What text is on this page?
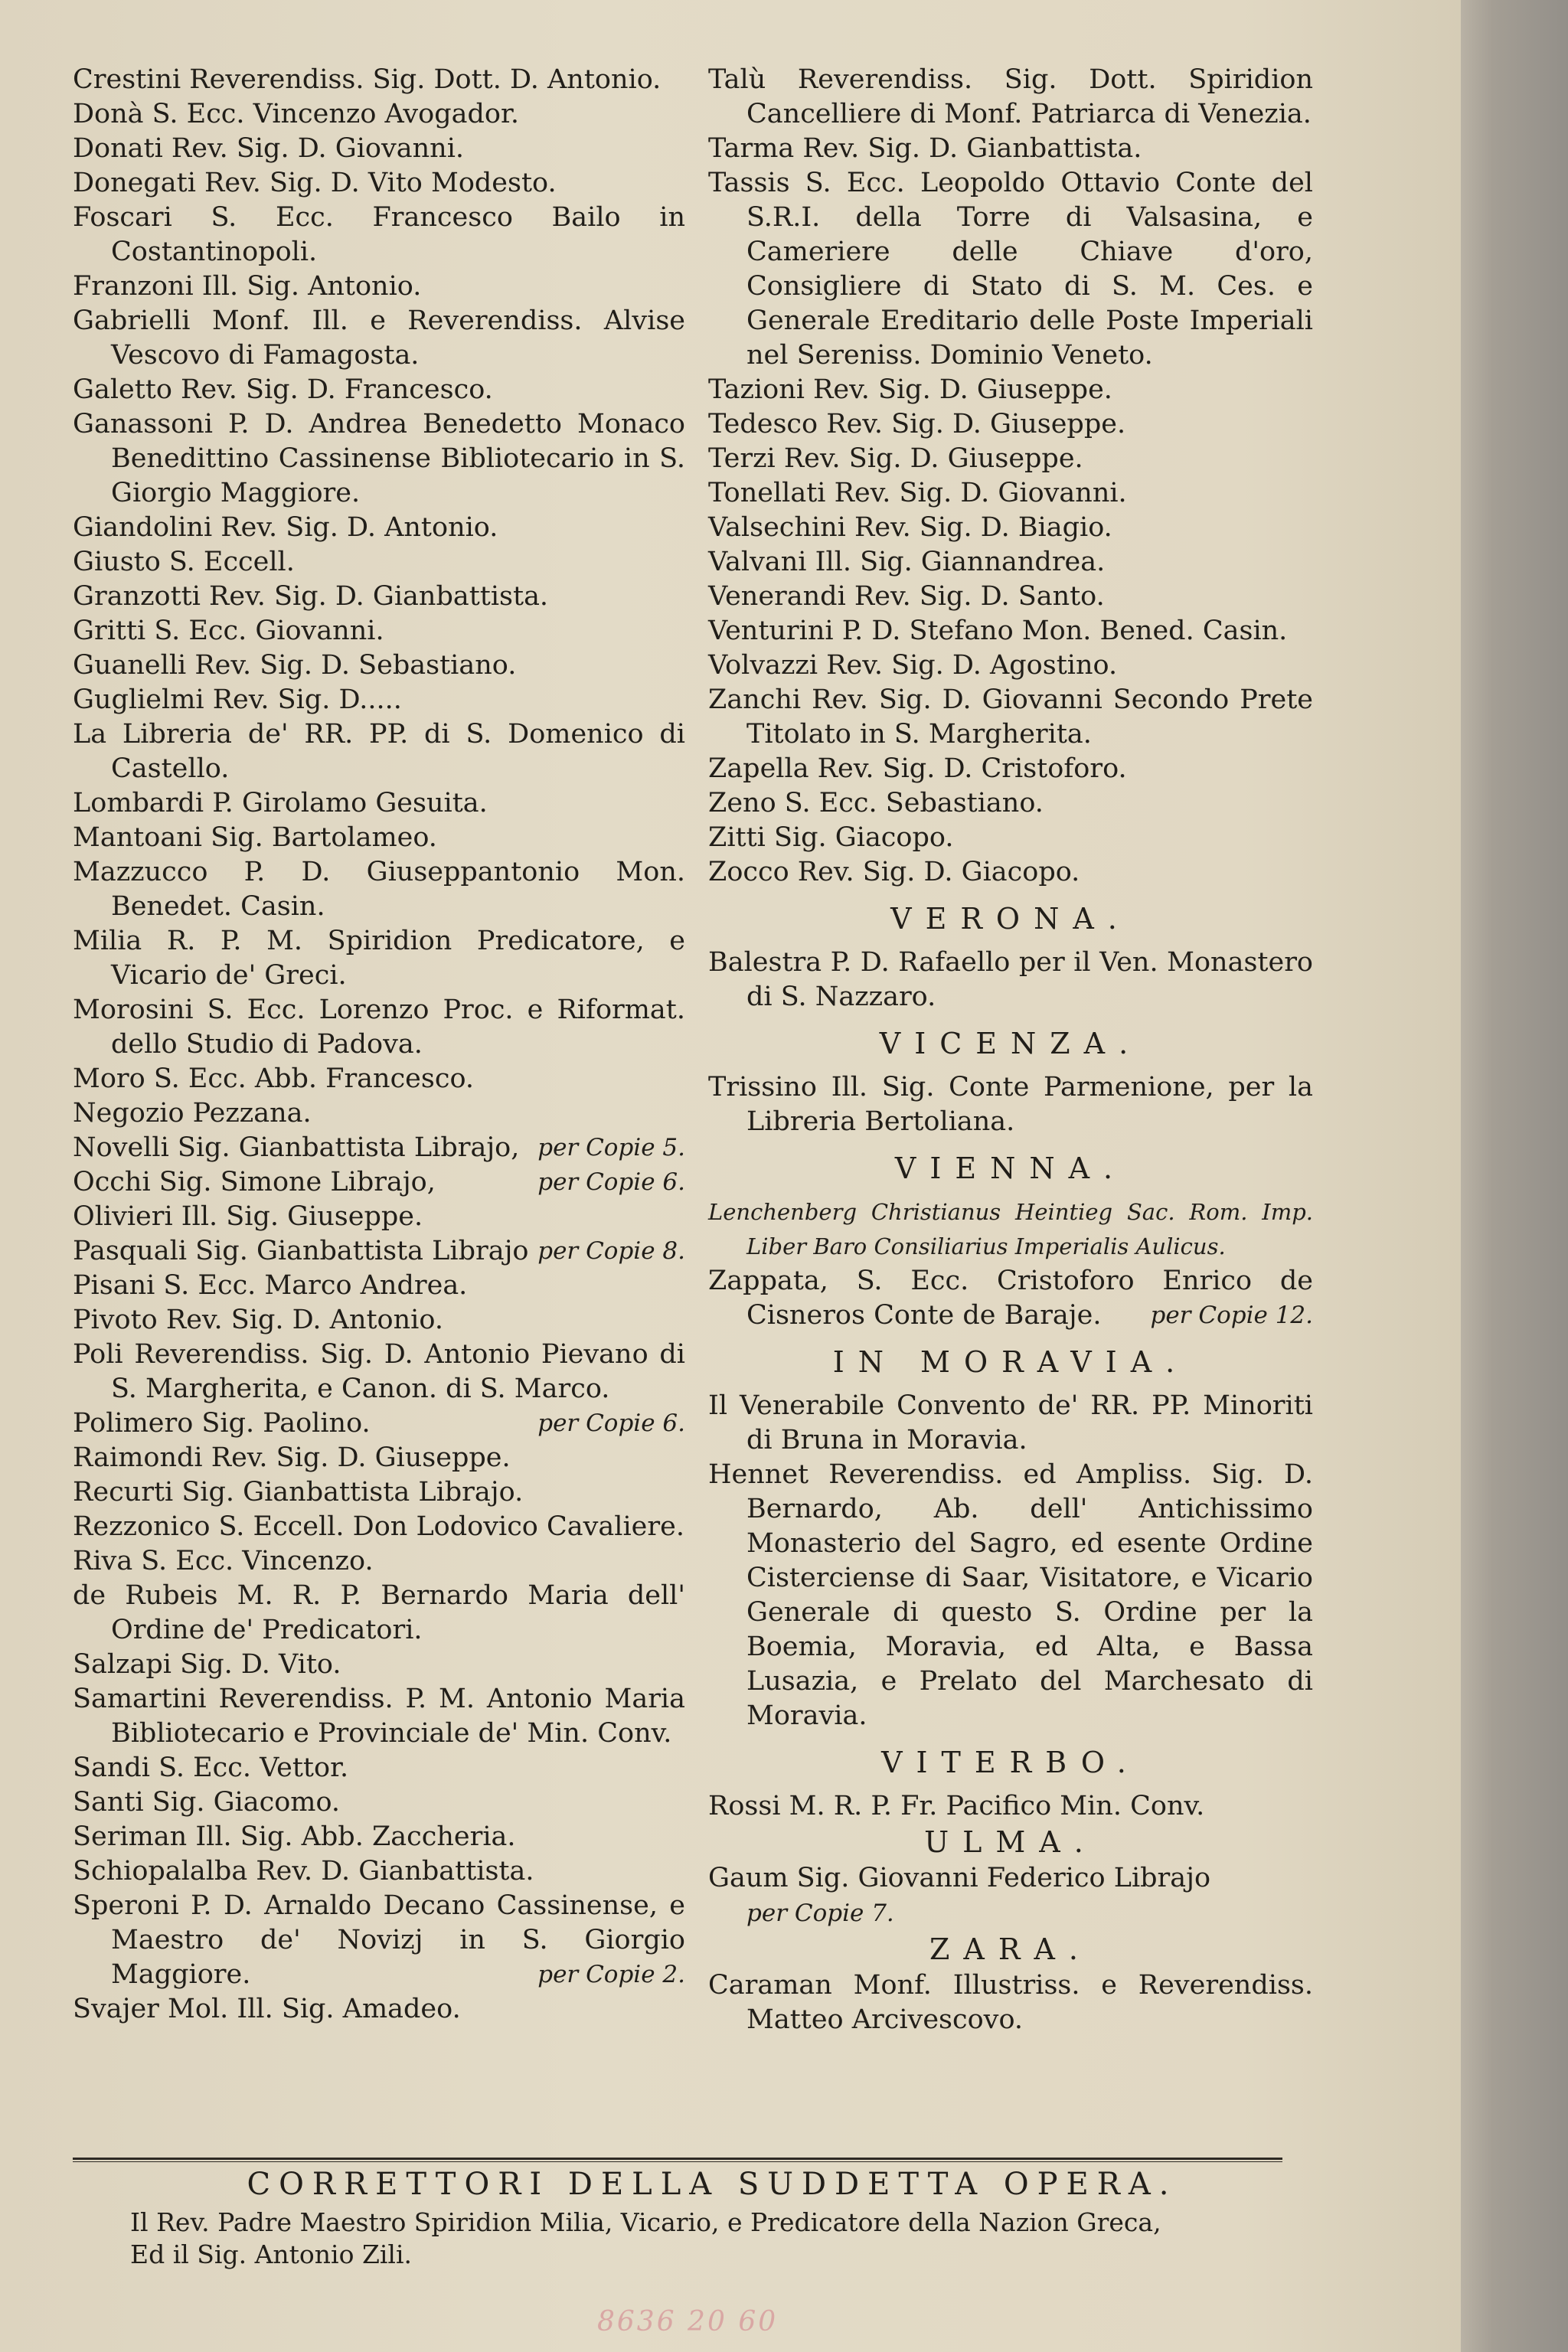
Crestini Reverendiss. Sig. Dott. D. Antonio.

Donà S. Ecc. Vincenzo Avogador.

Donati Rev. Sig. D. Giovanni.

Donegati Rev. Sig. D. Vito Modesto.

Foscari S. Ecc. Francesco Bailo in Costantinopoli.

Franzoni Ill. Sig. Antonio.

Gabrielli Monf. Ill. e Reverendiss. Alvise Vescovo di Famagosta.

Galetto Rev. Sig. D. Francesco.

Ganassoni P. D. Andrea Benedetto Monaco Benedittino Cassinense Bibliotecario in S. Giorgio Maggiore.

Giandolini Rev. Sig. D. Antonio.

Giusto S. Eccell.

Granzotti Rev. Sig. D. Gianbattista.

Gritti S. Ecc. Giovanni.

Guanelli Rev. Sig. D. Sebastiano.

Guglielmi Rev. Sig. D.....

La Libreria de' RR. PP. di S. Domenico di Castello.

Lombardi P. Girolamo Gesuita.

Mantoani Sig. Bartolameo.

Mazzucco P. D. Giuseppantonio Mon. Benedet. Casin.

Milia R. P. M. Spiridion Predicatore, e Vicario de' Greci.

Morosini S. Ecc. Lorenzo Proc. e Riformat. dello Studio di Padova.

Moro S. Ecc. Abb. Francesco.

Negozio Pezzana.

Novelli Sig. Gianbattista Librajo, per Copie 5.

Occhi Sig. Simone Librajo,	per Copie 6.

Olivieri Ill. Sig. Giuseppe.

Pasquali Sig. Gianbattista Librajo per Copie 8.

Pisani S. Ecc. Marco Andrea.

Pivoto Rev. Sig. D. Antonio.

Poli Reverendiss. Sig. D. Antonio Pievano di S. Margherita, e Canon. di S. Marco.

Polimero Sig. Paolino.	per Copie 6.

Raimondi Rev. Sig. D. Giuseppe.

Recurti Sig. Gianbattista Librajo.

Rezzonico S. Eccell. Don Lodovico Cavaliere.

Riva S. Ecc. Vincenzo.

de Rubeis M. R. P. Bernardo Maria dell' Ordine de' Predicatori.

Salzapi Sig. D. Vito.

Samartini Reverendiss. P. M. Antonio Maria Bibliotecario e Provinciale de' Min. Conv.

Sandi S. Ecc. Vettor.

Santi Sig. Giacomo.

Seriman Ill. Sig. Abb. Zaccheria.

Schiopalalba Rev. D. Gianbattista.

Speroni P. D. Arnaldo Decano Cassinense, e Maestro de' Novizj in S. Giorgio Maggiore.	per Copie 2.

Svajer Mol. Ill. Sig. Amadeo.

Talù Reverendiss. Sig. Dott. Spiridion Cancelliere di Monf. Patriarca di Venezia.

Tarma Rev. Sig. D. Gianbattista.

Tassis S. Ecc. Leopoldo Ottavio Conte del S.R.I. della Torre di Valsasina, e Cameriere delle Chiave d'oro, Consigliere di Stato di S. M. Ces. e Generale Ereditario delle Poste Imperiali nel Sereniss. Dominio Veneto.

Tazioni Rev. Sig. D. Giuseppe.

Tedesco Rev. Sig. D. Giuseppe.

Terzi Rev. Sig. D. Giuseppe.

Tonellati Rev. Sig. D. Giovanni.

Valsechini Rev. Sig. D. Biagio.

Valvani Ill. Sig. Giannandrea.

Venerandi Rev. Sig. D. Santo.

Venturini P. D. Stefano Mon. Bened. Casin.

Volvazzi Rev. Sig. D. Agostino.

Zanchi Rev. Sig. D. Giovanni Secondo Prete Titolato in S. Margherita.

Zapella Rev. Sig. D. Cristoforo.

Zeno S. Ecc. Sebastiano.

Zitti Sig. Giacopo.

Zocco Rev. Sig. D. Giacopo.

VERONA.

Balestra P. D. Rafaello per il Ven. Monastero di S. Nazzaro.

VICENZA.

Trissino Ill. Sig. Conte Parmenione, per la Libreria Bertoliana.

VIENNA.

Lenchenberg Christianus Heintieg Sac. Rom. Imp. Liber Baro Consiliarius Imperialis Aulicus.

Zappata, S. Ecc. Cristoforo Enrico de Cisneros Conte de Baraje. per Copie 12.

IN MORAVIA.

Il Venerabile Convento de' RR. PP. Minoriti di Bruna in Moravia.

Hennet Reverendiss. ed Ampliss. Sig. D. Bernardo, Ab. dell' Antichissimo Monasterio del Sagro, ed esente Ordine Cisterciense di Saar, Visitatore, e Vicario Generale di questo S. Ordine per la Boemia, Moravia, ed Alta, e Bassa Lusazia, e Prelato del Marchesato di Moravia.

VITERBO.

Rossi M. R. P. Fr. Pacifico Min. Conv.

ULMA.

Gaum Sig. Giovanni Federico Librajo
per Copie 7.

ZARA.

Caraman Monf. Illustriss. e Reverendiss. Matteo Arcivescovo.

CORRETTORI DELLA SUDDETTA OPERA.

Il Rev. Padre Maestro Spiridion Milia, Vicario, e Predicatore della Nazion Greca,

Ed il Sig. Antonio Zili.

8636 20 60
